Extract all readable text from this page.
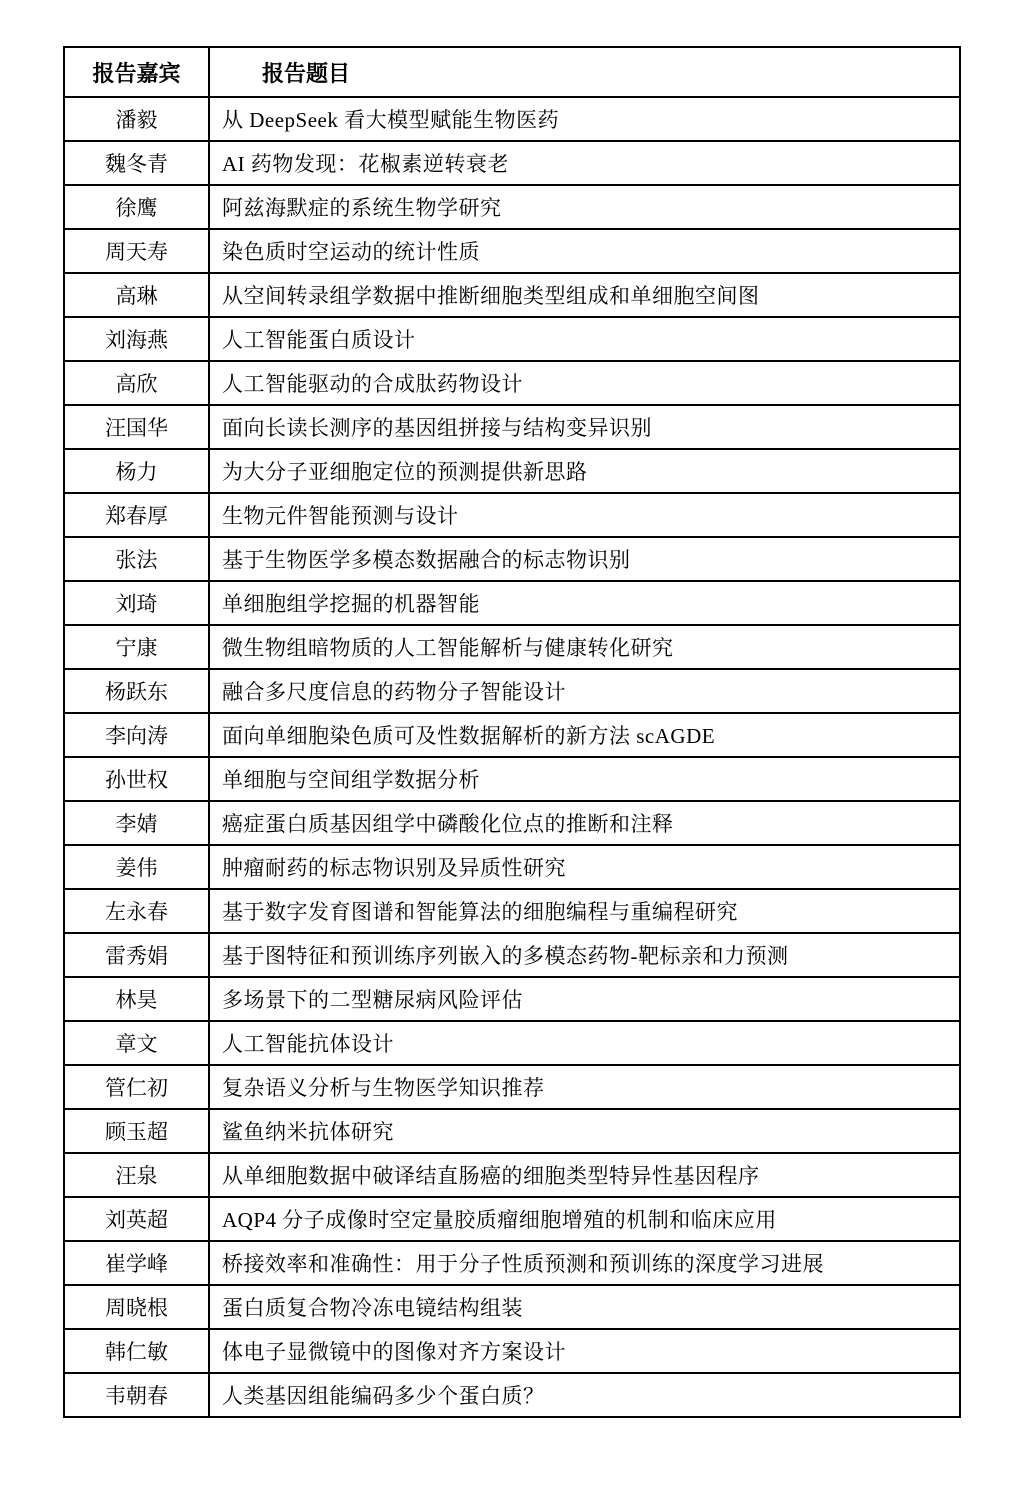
报告嘉宾	报告题目
潘毅	从 DeepSeek 看大模型赋能生物医药
魏冬青	AI 药物发现：花椒素逆转衰老
徐鹰	阿兹海默症的系统生物学研究
周天寿	染色质时空运动的统计性质
高琳	从空间转录组学数据中推断细胞类型组成和单细胞空间图
刘海燕	人工智能蛋白质设计
高欣	人工智能驱动的合成肽药物设计
汪国华	面向长读长测序的基因组拼接与结构变异识别
杨力	为大分子亚细胞定位的预测提供新思路
郑春厚	生物元件智能预测与设计
张法	基于生物医学多模态数据融合的标志物识别
刘琦	单细胞组学挖掘的机器智能
宁康	微生物组暗物质的人工智能解析与健康转化研究
杨跃东	融合多尺度信息的药物分子智能设计
李向涛	面向单细胞染色质可及性数据解析的新方法 scAGDE
孙世权	单细胞与空间组学数据分析
李婧	癌症蛋白质基因组学中磷酸化位点的推断和注释
姜伟	肿瘤耐药的标志物识别及异质性研究
左永春	基于数字发育图谱和智能算法的细胞编程与重编程研究
雷秀娟	基于图特征和预训练序列嵌入的多模态药物-靶标亲和力预测
林昊	多场景下的二型糖尿病风险评估
章文	人工智能抗体设计
管仁初	复杂语义分析与生物医学知识推荐
顾玉超	鲨鱼纳米抗体研究
汪泉	从单细胞数据中破译结直肠癌的细胞类型特异性基因程序
刘英超	AQP4 分子成像时空定量胶质瘤细胞增殖的机制和临床应用
崔学峰	桥接效率和准确性：用于分子性质预测和预训练的深度学习进展
周晓根	蛋白质复合物冷冻电镜结构组装
韩仁敏	体电子显微镜中的图像对齐方案设计
韦朝春	人类基因组能编码多少个蛋白质？
